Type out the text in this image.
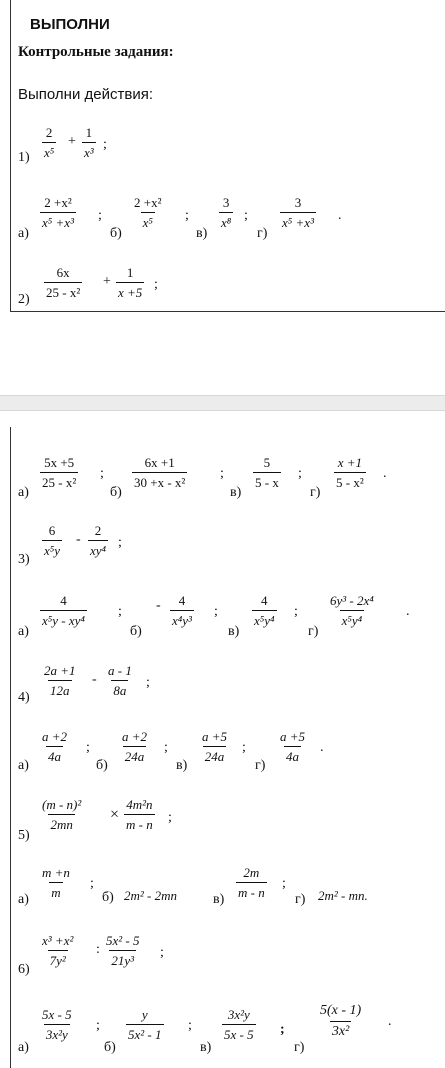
ВЫПОЛНИ
Контрольные задания:
Выполни действия:
$1) \frac{2}{\text{x⁵}} + \frac{1}{\text{x³}}$ ;
а)
$\frac{\text{2 +x²}}{\text{x⁵ +x³}}$ ;
б)
$\frac{\text{2 +x²}}{\text{x⁵}}$ ;
в)
$\frac{3}{\text{x⁸}}$ ;
г)
$\frac{3}{\text{x⁵ +x³}}$ .
2)
$\frac{6x}{\text{25 - x²}} + \frac{1}{x +5}$ ;
а)
$\frac{5x +5}{\text{25 - x²}}$ ;
б)
$\frac{6x +1}{\text{30 +x - x²}}$ ;
в)
$\frac{5}{5 - x}$ ;
г)
$\frac{x +1}{\text{5 - x²}}$ .
3)
$\frac{6}{\text{x⁵y}} - \frac{2}{\text{xy⁴}}$ ;
а)
$\frac{4}{\text{x⁵y - xy⁴}}$ ;
б)
- $\frac{4}{\text{x⁴y³}}$ ;
в)
$\frac{4}{\text{x⁵y⁴}}$ ;
г)
$\frac{\text{6y³ - 2x⁴}}{\text{x⁵y⁴}}$ .
4)
$\frac{2a +1}{12a} - \frac{a - 1}{8a}$ ;
а)
$\frac{a +2}{4a}$ ;
б)
$\frac{a +2}{24a}$ ;
в)
$\frac{a +5}{24a}$ ;
г)
$\frac{a +5}{4a}$ .
5)
$\frac{\text{(m - n)²}}{2mn} \times \frac{\text{4m²n}}{m - n}$ ;
а)
$\frac{m +n}{m}$ ;
б) 2m² - 2mn	в)
$\frac{2m}{m - n}$ ;
г) 2m² - mn.
6)
$\frac{\text{x³ +x²}}{\text{7y²}}$ : $\frac{\text{5x² - 5}}{\text{21y³}}$ ;
а)
$\frac{5x - 5}{\text{3x²y}}$ ;
б)
$\frac{y}{\text{5x² - 1}}$ ;
в)
$\frac{\text{3x²y}}{5x - 5}$ ;
г)
$\frac{5(x - 1)}{\text{3x²}}$ .
